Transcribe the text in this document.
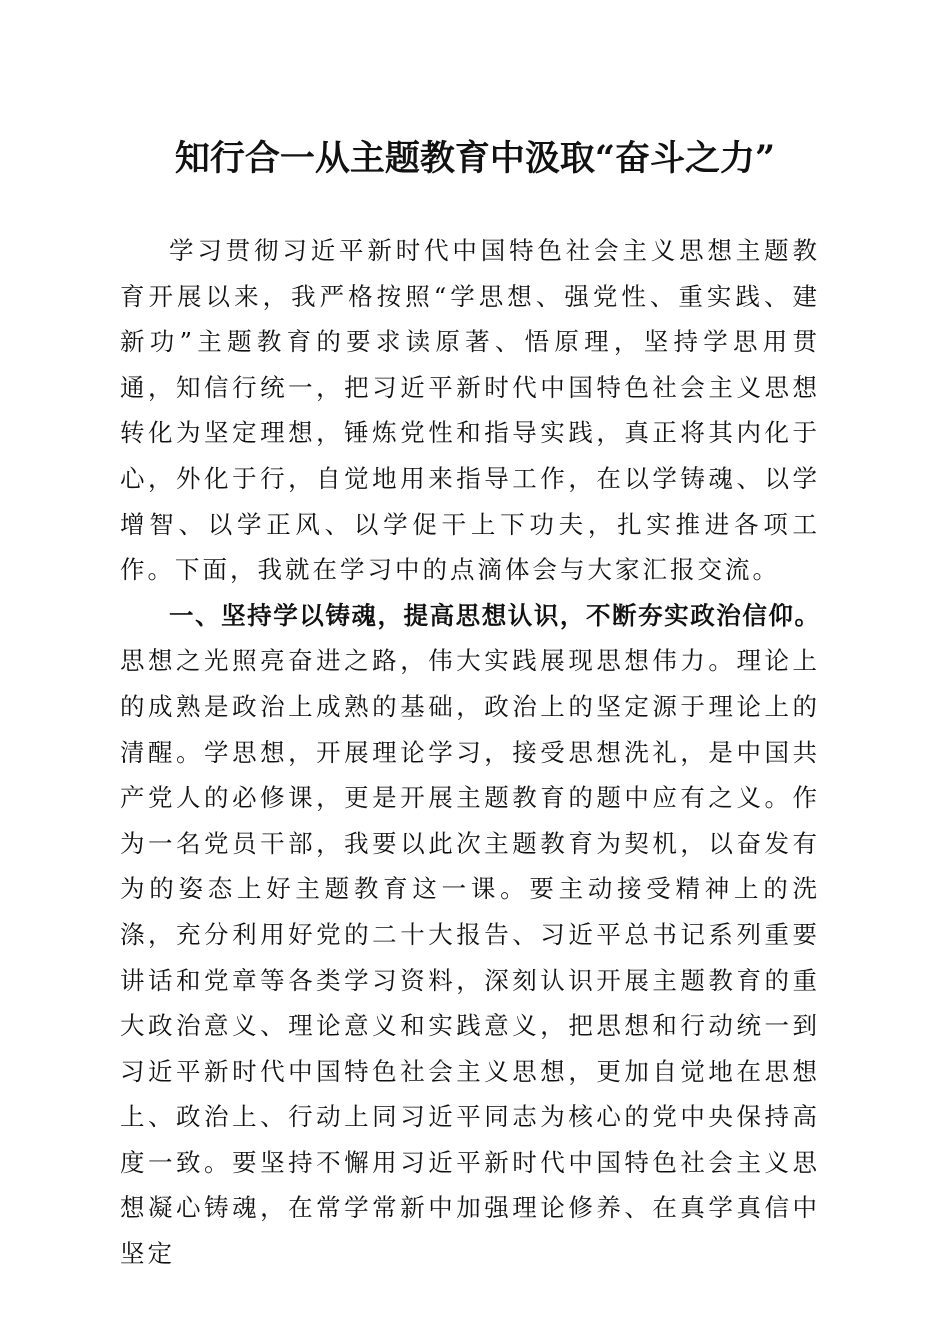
知行合一从主题教育中汲取“奋斗之力”

学习贯彻习近平新时代中国特色社会主义思想主题教育开展以来，我严格按照“学思想、强党性、重实践、建新功”主题教育的要求读原著、悟原理，坚持学思用贯通，知信行统一，把习近平新时代中国特色社会主义思想转化为坚定理想，锤炼党性和指导实践，真正将其内化于心，外化于行，自觉地用来指导工作，在以学铸魂、以学增智、以学正风、以学促干上下功夫，扎实推进各项工作。下面，我就在学习中的点滴体会与大家汇报交流。

一、坚持学以铸魂，提高思想认识，不断夯实政治信仰。思想之光照亮奋进之路，伟大实践展现思想伟力。理论上的成熟是政治上成熟的基础，政治上的坚定源于理论上的清醒。学思想，开展理论学习，接受思想洗礼，是中国共产党人的必修课，更是开展主题教育的题中应有之义。作为一名党员干部，我要以此次主题教育为契机，以奋发有为的姿态上好主题教育这一课。要主动接受精神上的洗涤，充分利用好党的二十大报告、习近平总书记系列重要讲话和党章等各类学习资料，深刻认识开展主题教育的重大政治意义、理论意义和实践意义，把思想和行动统一到习近平新时代中国特色社会主义思想，更加自觉地在思想上、政治上、行动上同习近平同志为核心的党中央保持高度一致。要坚持不懈用习近平新时代中国特色社会主义思想凝心铸魂，在常学常新中加强理论修养、在真学真信中坚定
